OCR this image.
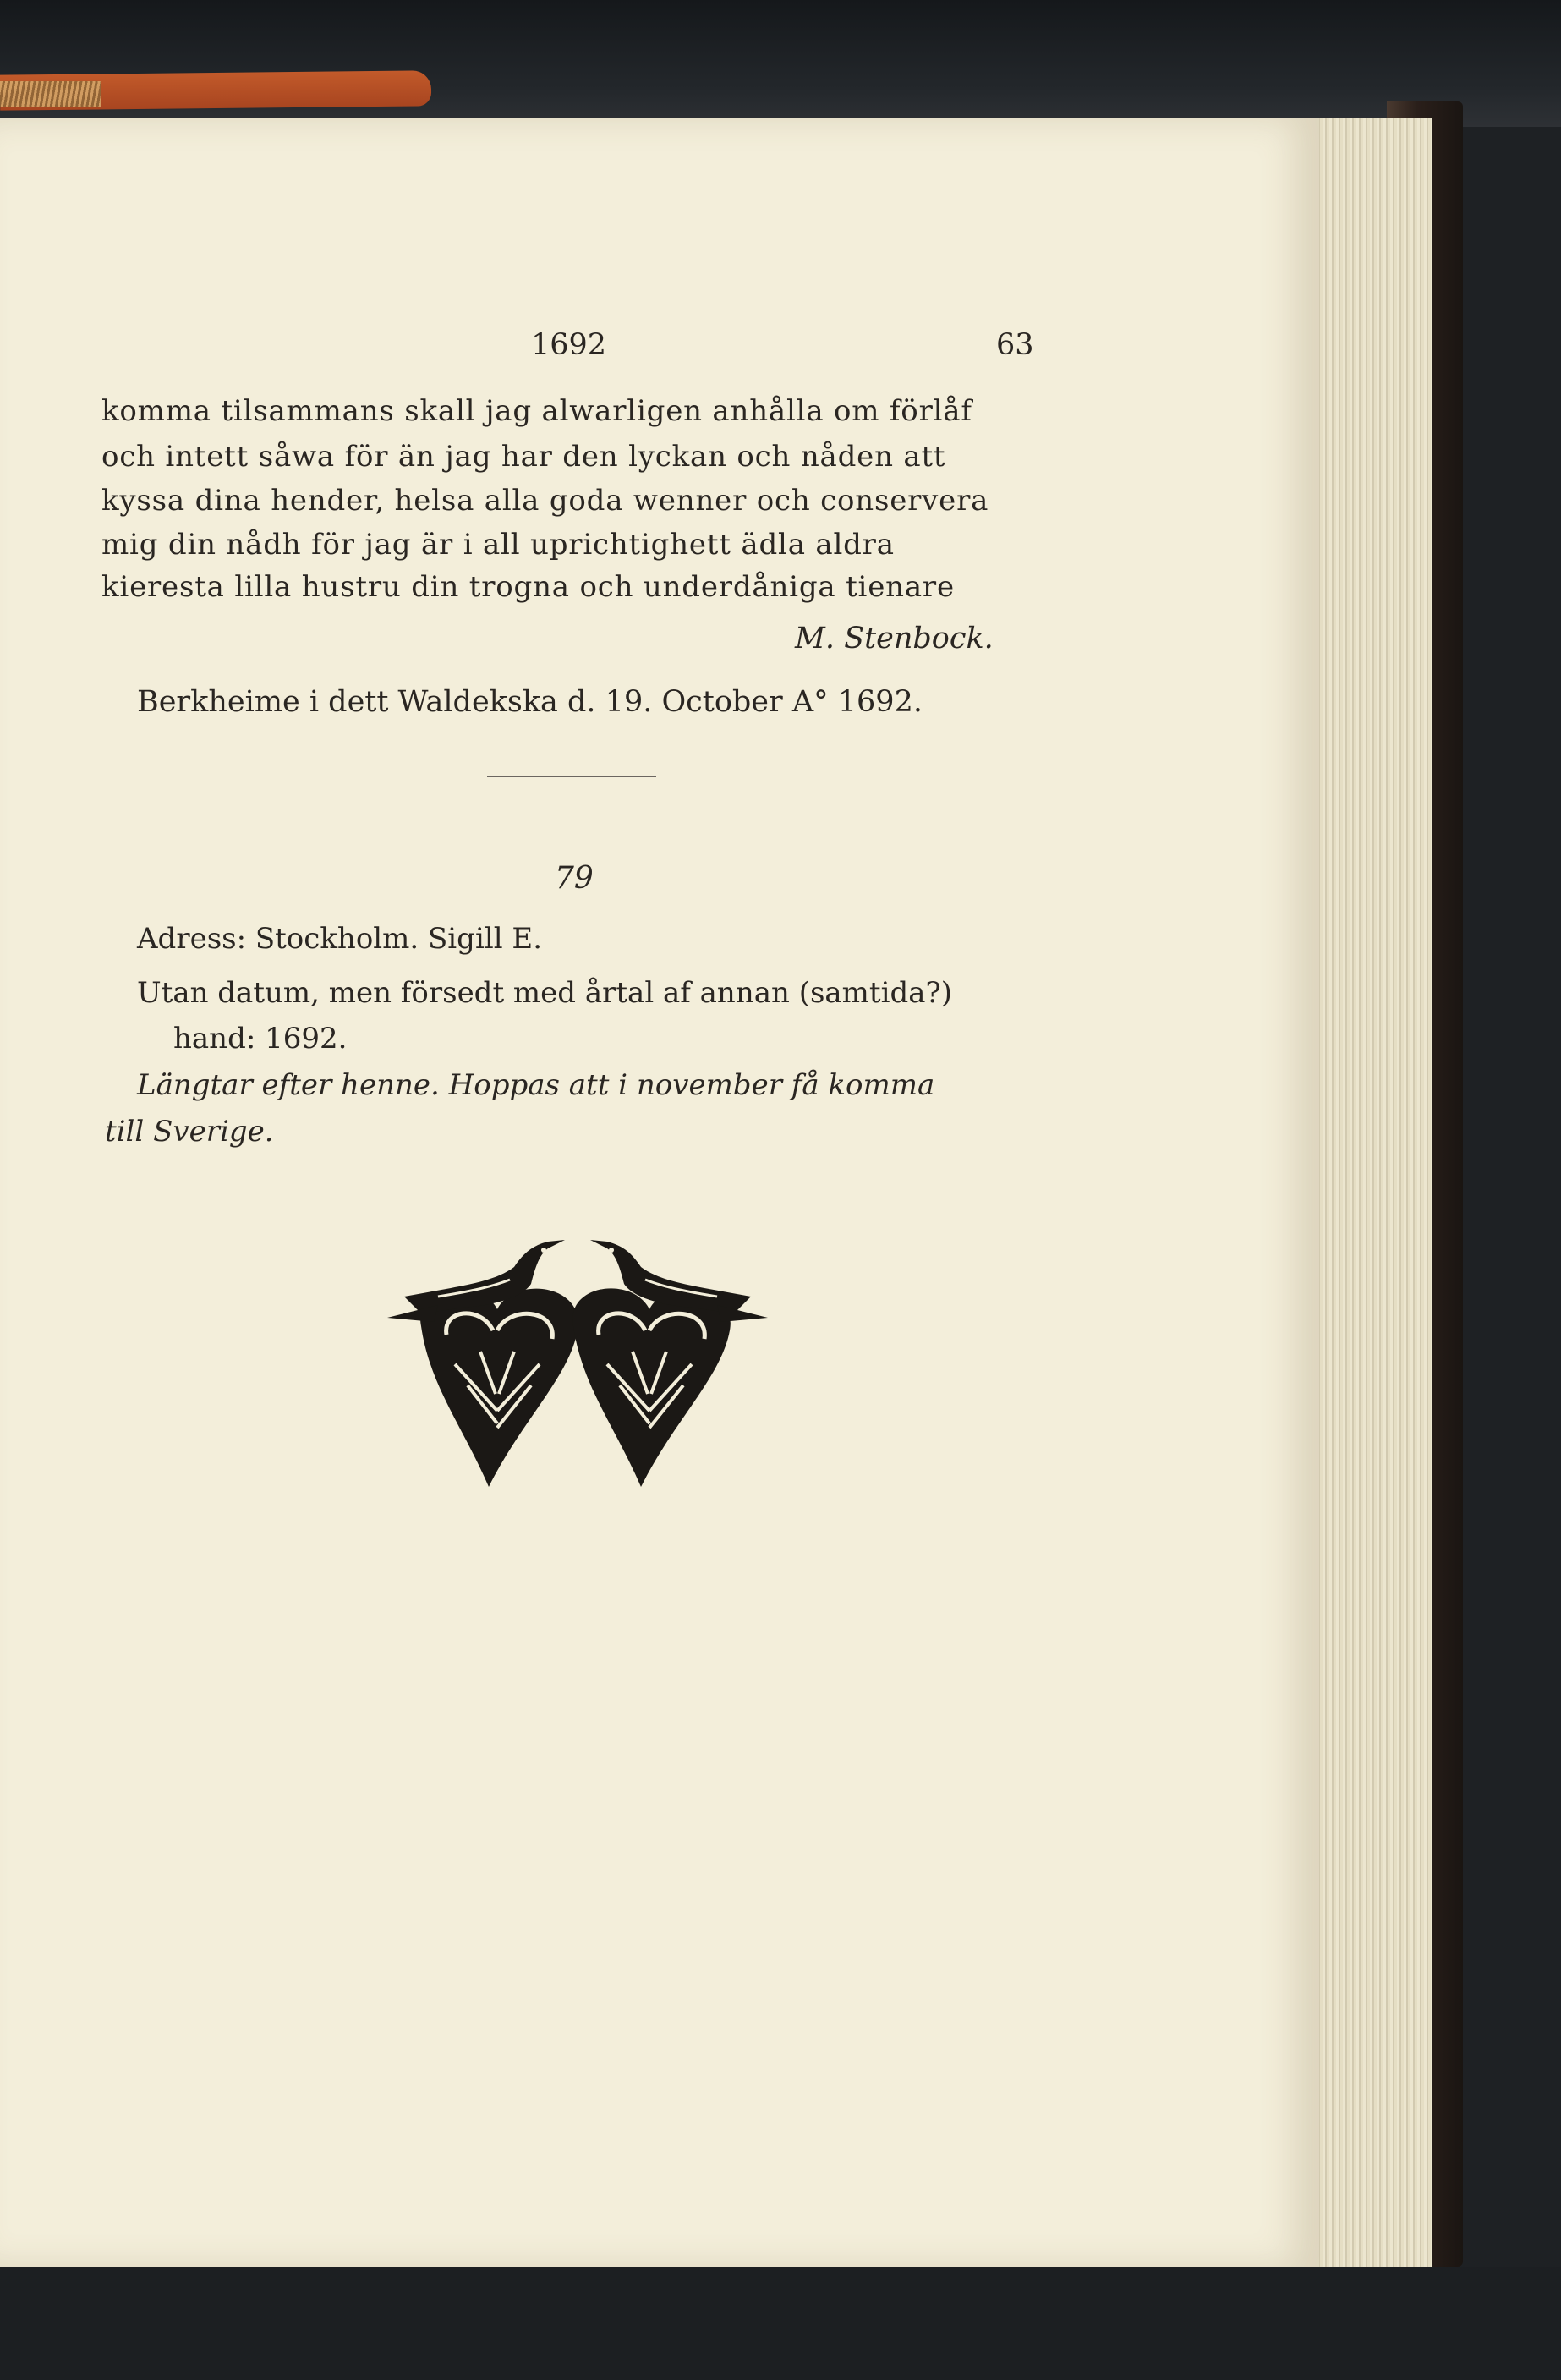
1692	63
komma tilsammans skall jag alwarligen anhålla om förlåf
och intett såwa för än jag har den lyckan och nåden att
kyssa dina hender, helsa alla goda wenner och conservera
mig din nådh för jag är i all uprichtighett ädla aldra
kieresta lilla hustru din trogna och underdåniga tienare
M. Stenbock.
Berkheime i dett Waldekska d. 19. October A° 1692.
79
Adress: Stockholm. Sigill E.
Utan datum, men försedt med årtal af annan (samtida?)
hand: 1692.
Längtar efter henne. Hoppas att i november få komma
till Sverige.
